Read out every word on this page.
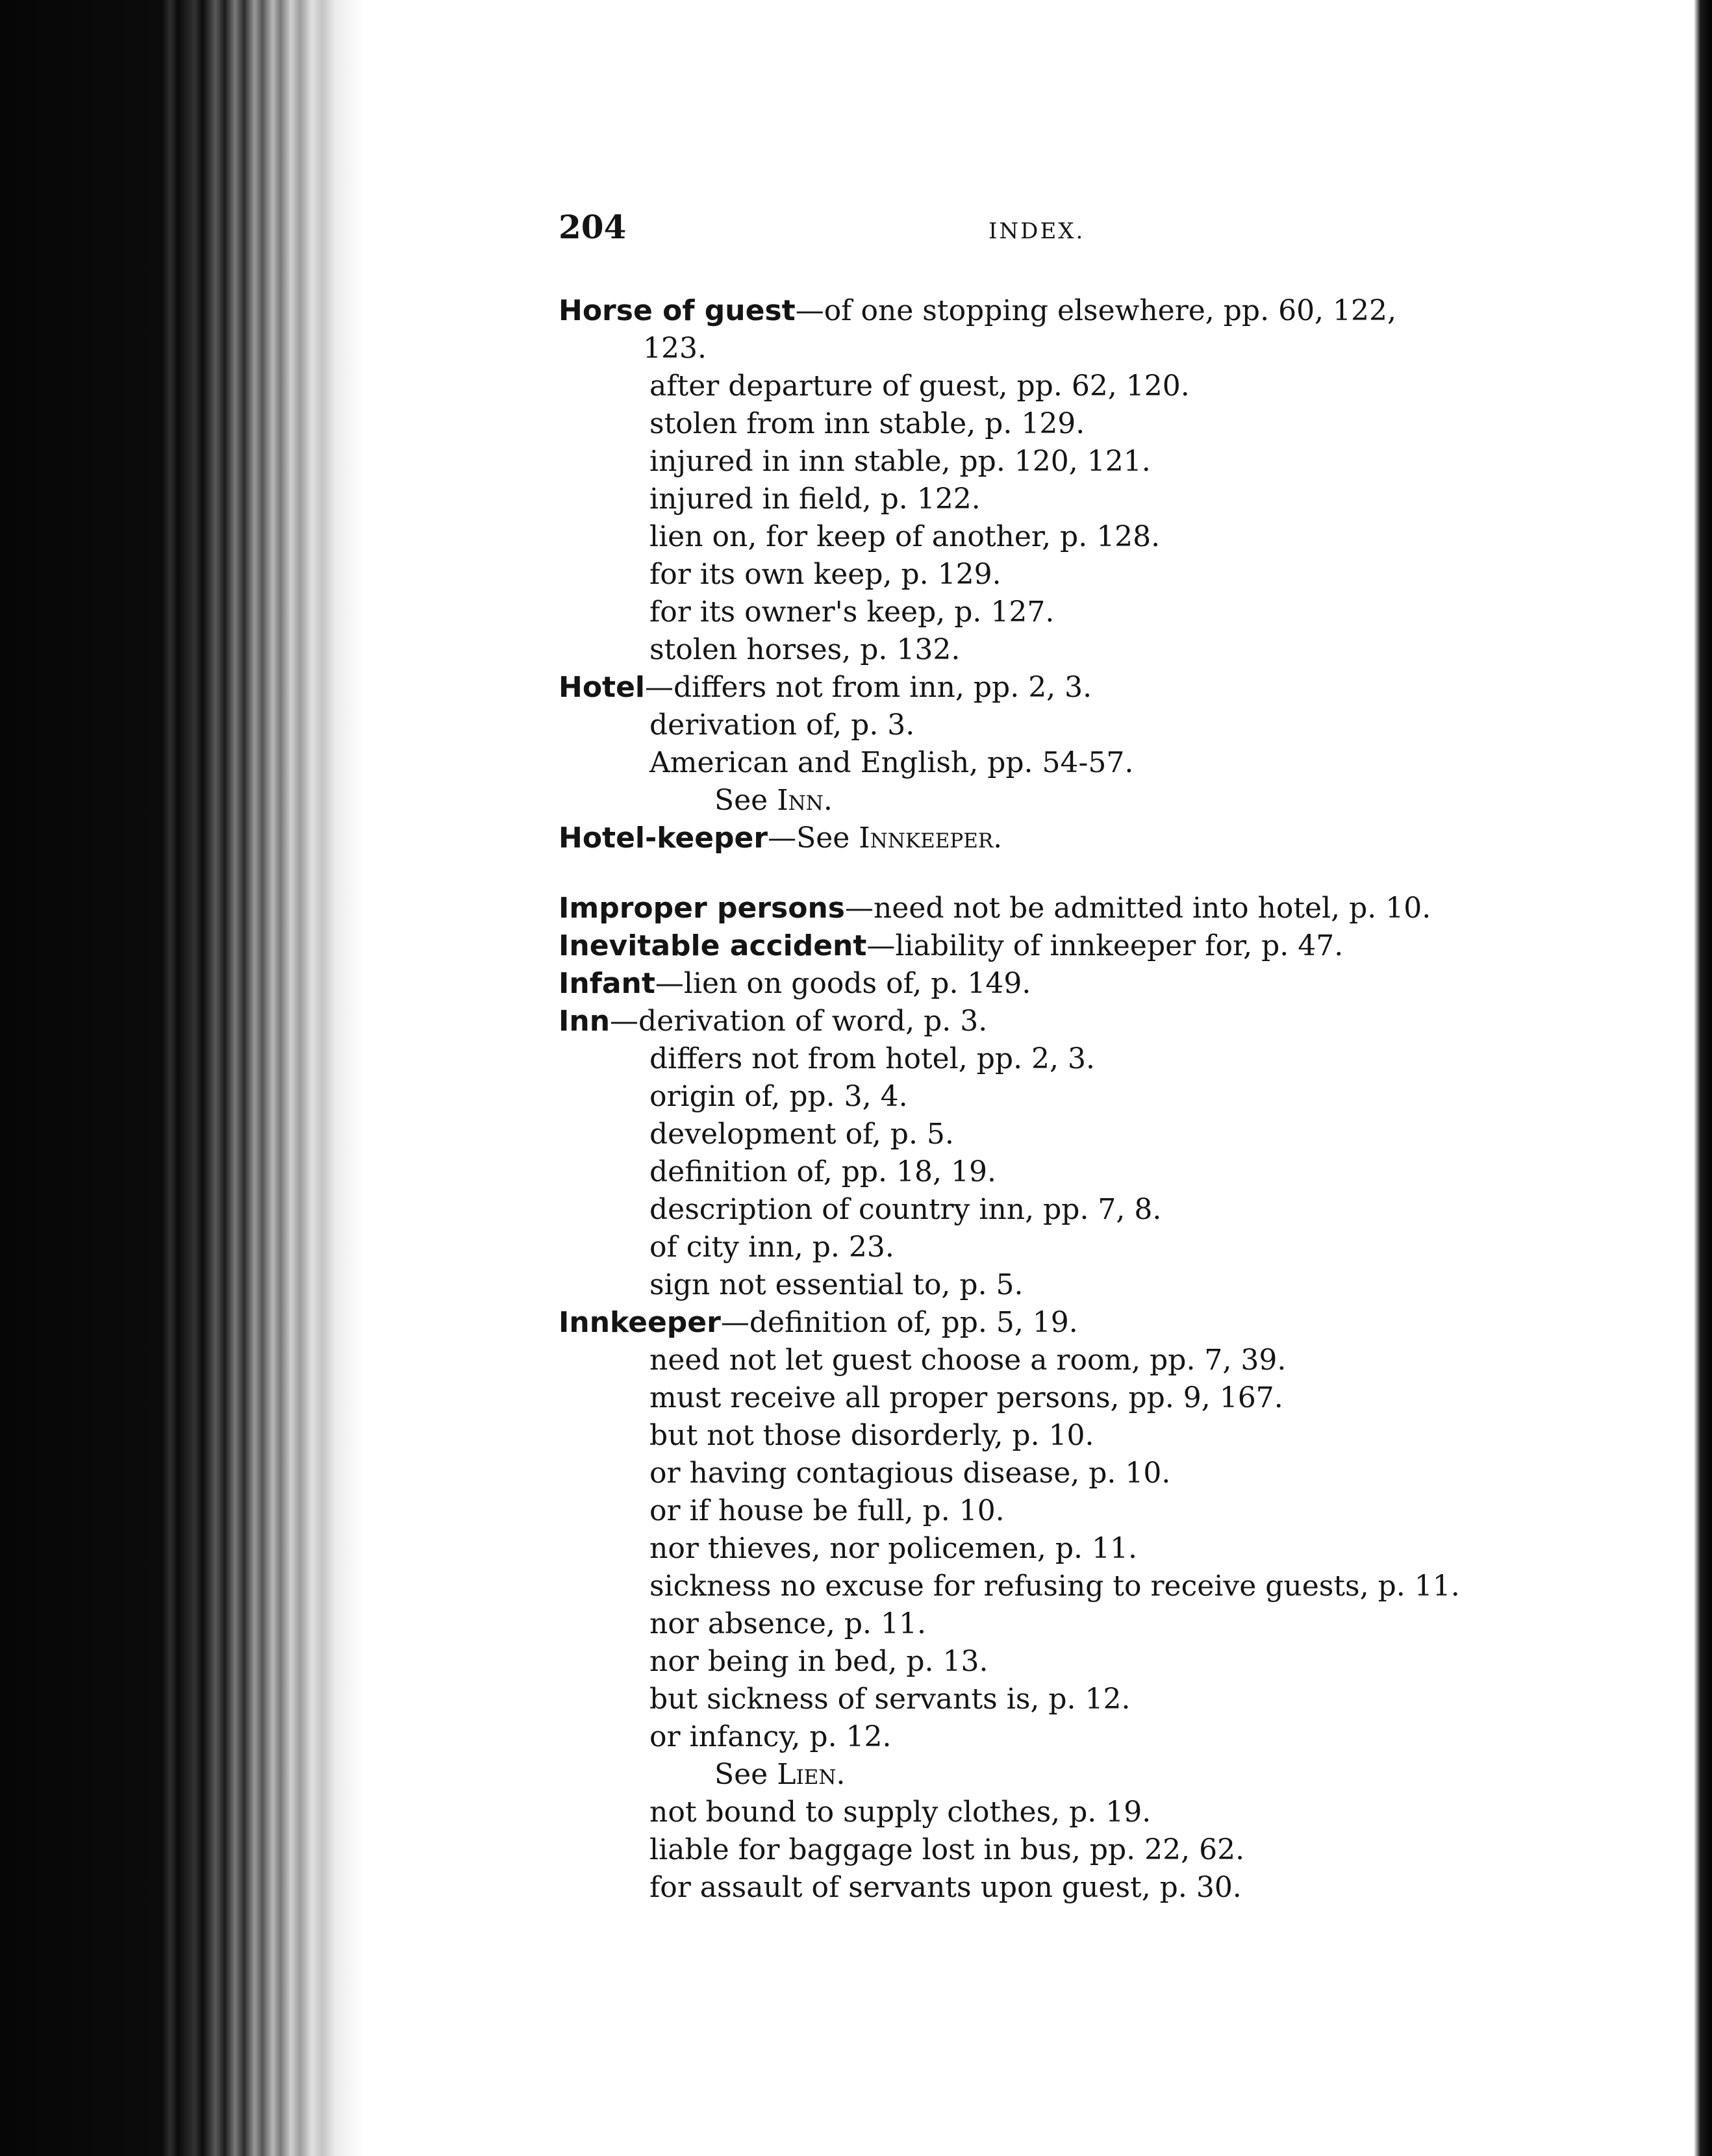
204	INDEX.
Horse of guest—of one stopping elsewhere, pp. 60, 122,
123.
after departure of guest, pp. 62, 120.
stolen from inn stable, p. 129.
injured in inn stable, pp. 120, 121.
injured in field, p. 122.
lien on, for keep of another, p. 128.
for its own keep, p. 129.
for its owner's keep, p. 127.
stolen horses, p. 132.
Hotel—differs not from inn, pp. 2, 3.
derivation of, p. 3.
American and English, pp. 54-57.
See Inn.
Hotel-keeper—See Innkeeper.
Improper persons—need not be admitted into hotel, p. 10.
Inevitable accident—liability of innkeeper for, p. 47.
Infant—lien on goods of, p. 149.
Inn—derivation of word, p. 3.
differs not from hotel, pp. 2, 3.
origin of, pp. 3, 4.
development of, p. 5.
definition of, pp. 18, 19.
description of country inn, pp. 7, 8.
of city inn, p. 23.
sign not essential to, p. 5.
Innkeeper—definition of, pp. 5, 19.
need not let guest choose a room, pp. 7, 39.
must receive all proper persons, pp. 9, 167.
but not those disorderly, p. 10.
or having contagious disease, p. 10.
or if house be full, p. 10.
nor thieves, nor policemen, p. 11.
sickness no excuse for refusing to receive guests, p. 11.
nor absence, p. 11.
nor being in bed, p. 13.
but sickness of servants is, p. 12.
or infancy, p. 12.
See Lien.
not bound to supply clothes, p. 19.
liable for baggage lost in bus, pp. 22, 62.
for assault of servants upon guest, p. 30.
